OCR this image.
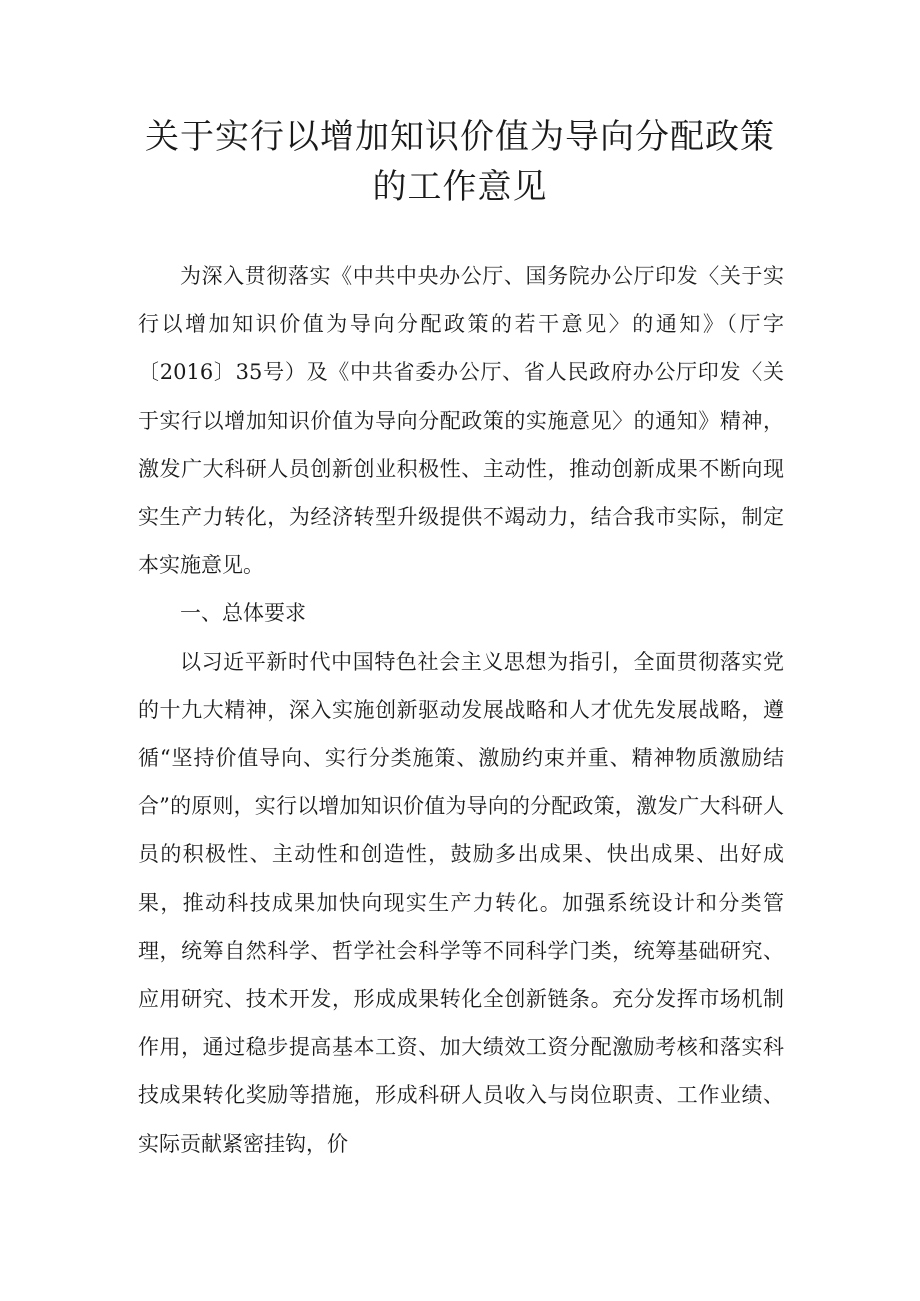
关于实行以增加知识价值为导向分配政策
的工作意见

为深入贯彻落实《中共中央办公厅、国务院办公厅印发〈关于实行以增加知识价值为导向分配政策的若干意见〉的通知》（厅字〔2016〕35号）及《中共省委办公厅、省人民政府办公厅印发〈关于实行以增加知识价值为导向分配政策的实施意见〉的通知》精神，激发广大科研人员创新创业积极性、主动性，推动创新成果不断向现实生产力转化，为经济转型升级提供不竭动力，结合我市实际，制定本实施意见。

一、总体要求

以习近平新时代中国特色社会主义思想为指引，全面贯彻落实党的十九大精神，深入实施创新驱动发展战略和人才优先发展战略，遵循“坚持价值导向、实行分类施策、激励约束并重、精神物质激励结合”的原则，实行以增加知识价值为导向的分配政策，激发广大科研人员的积极性、主动性和创造性，鼓励多出成果、快出成果、出好成果，推动科技成果加快向现实生产力转化。加强系统设计和分类管理，统筹自然科学、哲学社会科学等不同科学门类，统筹基础研究、应用研究、技术开发，形成成果转化全创新链条。充分发挥市场机制作用，通过稳步提高基本工资、加大绩效工资分配激励考核和落实科技成果转化奖励等措施，形成科研人员收入与岗位职责、工作业绩、实际贡献紧密挂钩，价
